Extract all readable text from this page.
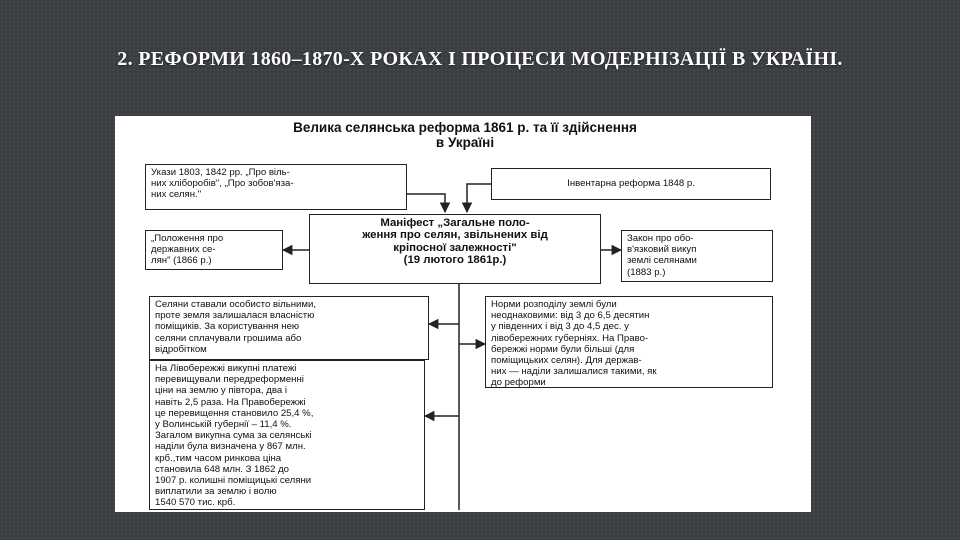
2. РЕФОРМИ 1860–1870-Х РОКАХ І ПРОЦЕСИ МОДЕРНІЗАЦІЇ В УКРАЇНІ.
Велика селянська реформа 1861 р. та її здійснення
в Україні
Укази 1803, 1842 рр. „Про віль-
них хліборобів", „Про зобов'яза-
них селян."
Інвентарна реформа 1848 р.
„Положення про
державних се-
лян" (1866 р.)
Маніфест „Загальне поло-
ження про селян, звільнених від
кріпосної залежності"
(19 лютого 1861р.)
Закон про обо-
в'язковий викуп
землі селянами
(1883 р.)
Селяни ставали особисто вільними,
проте земля залишалася власністю
поміщиків. За користування нею
селяни сплачували грошима або
відробітком
Норми розподілу землі були
неоднаковими: від 3 до 6,5 десятин
у південних і від 3 до 4,5 дес. у
лівобережних губерніях. На Право-
бережжі норми були більші (для
поміщицьких селян). Для держав-
них — наділи залишалися такими, як
до реформи
На Лівобережжі викупні платежі
перевищували передреформенні
ціни на землю у півтора, два і
навіть 2,5 раза. На Правобережжі
це перевищення становило 25,4 %,
у Волинській губернії – 11,4 %.
Загалом викупна сума за селянські
наділи була визначена у 867 млн.
крб.,тим часом ринкова ціна
становила 648 млн. З 1862 до
1907 р. колишні поміщицькі селяни
виплатили за землю і волю
1540 570 тис. крб.
